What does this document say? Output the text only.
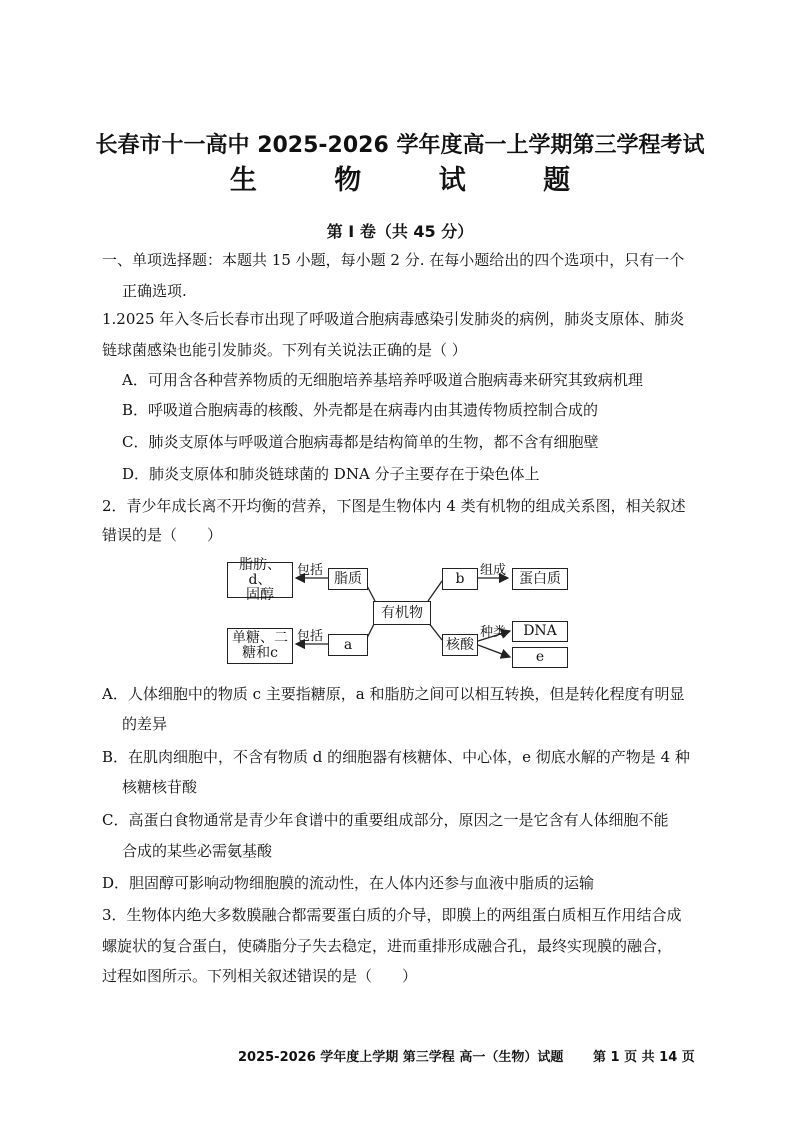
长春市十一高中 2025-2026 学年度高一上学期第三学程考试
生 物 试 题
第 I 卷（共 45 分）
一、单项选择题：本题共 15 小题，每小题 2 分. 在每小题给出的四个选项中，只有一个
正确选项.
1.2025 年入冬后长春市出现了呼吸道合胞病毒感染引发肺炎的病例，肺炎支原体、肺炎
链球菌感染也能引发肺炎。下列有关说法正确的是（ ）
A．可用含各种营养物质的无细胞培养基培养呼吸道合胞病毒来研究其致病机理
B．呼吸道合胞病毒的核酸、外壳都是在病毒内由其遗传物质控制合成的
C．肺炎支原体与呼吸道合胞病毒都是结构简单的生物，都不含有细胞壁
D．肺炎支原体和肺炎链球菌的 DNA 分子主要存在于染色体上
2．青少年成长离不开均衡的营养，下图是生物体内 4 类有机物的组成关系图，相关叙述
错误的是（　　）
包括
包括
组成
种类
脂肪、d、
固醇
脂质
有机物
b	蛋白质
单糖、二
糖和c
a	核酸
DNA
e
A．人体细胞中的物质 c 主要指糖原，a 和脂肪之间可以相互转换，但是转化程度有明显
的差异
B．在肌肉细胞中，不含有物质 d 的细胞器有核糖体、中心体，e 彻底水解的产物是 4 种
核糖核苷酸
C．高蛋白食物通常是青少年食谱中的重要组成部分，原因之一是它含有人体细胞不能
合成的某些必需氨基酸
D．胆固醇可影响动物细胞膜的流动性，在人体内还参与血液中脂质的运输
3．生物体内绝大多数膜融合都需要蛋白质的介导，即膜上的两组蛋白质相互作用结合成
螺旋状的复合蛋白，使磷脂分子失去稳定，进而重排形成融合孔，最终实现膜的融合，
过程如图所示。下列相关叙述错误的是（　　）
2025-2026 学年度上学期 第三学程 高一（生物）试题 第 1 页 共 14 页
